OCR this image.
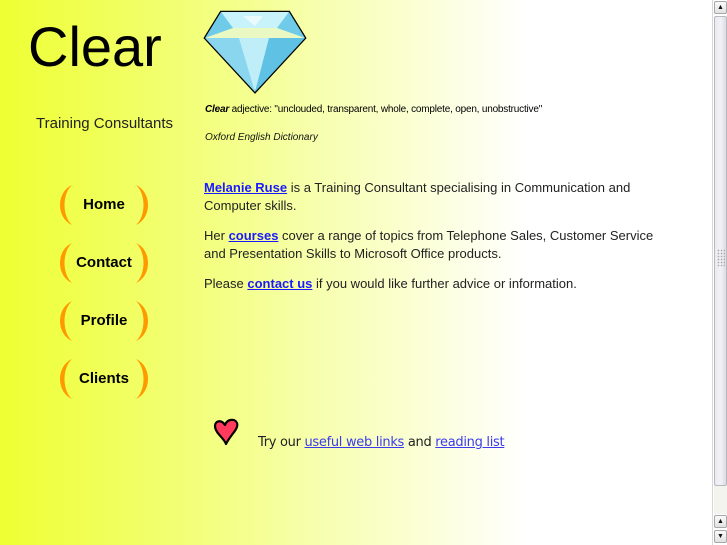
Clear
Training Consultants
Clear adjective: "unclouded, transparent, whole, complete, open, unobstructive"
Oxford English Dictionary
Home
Contact
Profile
Clients

Melanie Ruse is a Training Consultant specialising in Communication and Computer skills.

Her courses cover a range of topics from Telephone Sales, Customer Service and Presentation Skills to Microsoft Office products.

Please contact us if you would like further advice or information.

Try our useful web links and reading list
▲
▲
▼
